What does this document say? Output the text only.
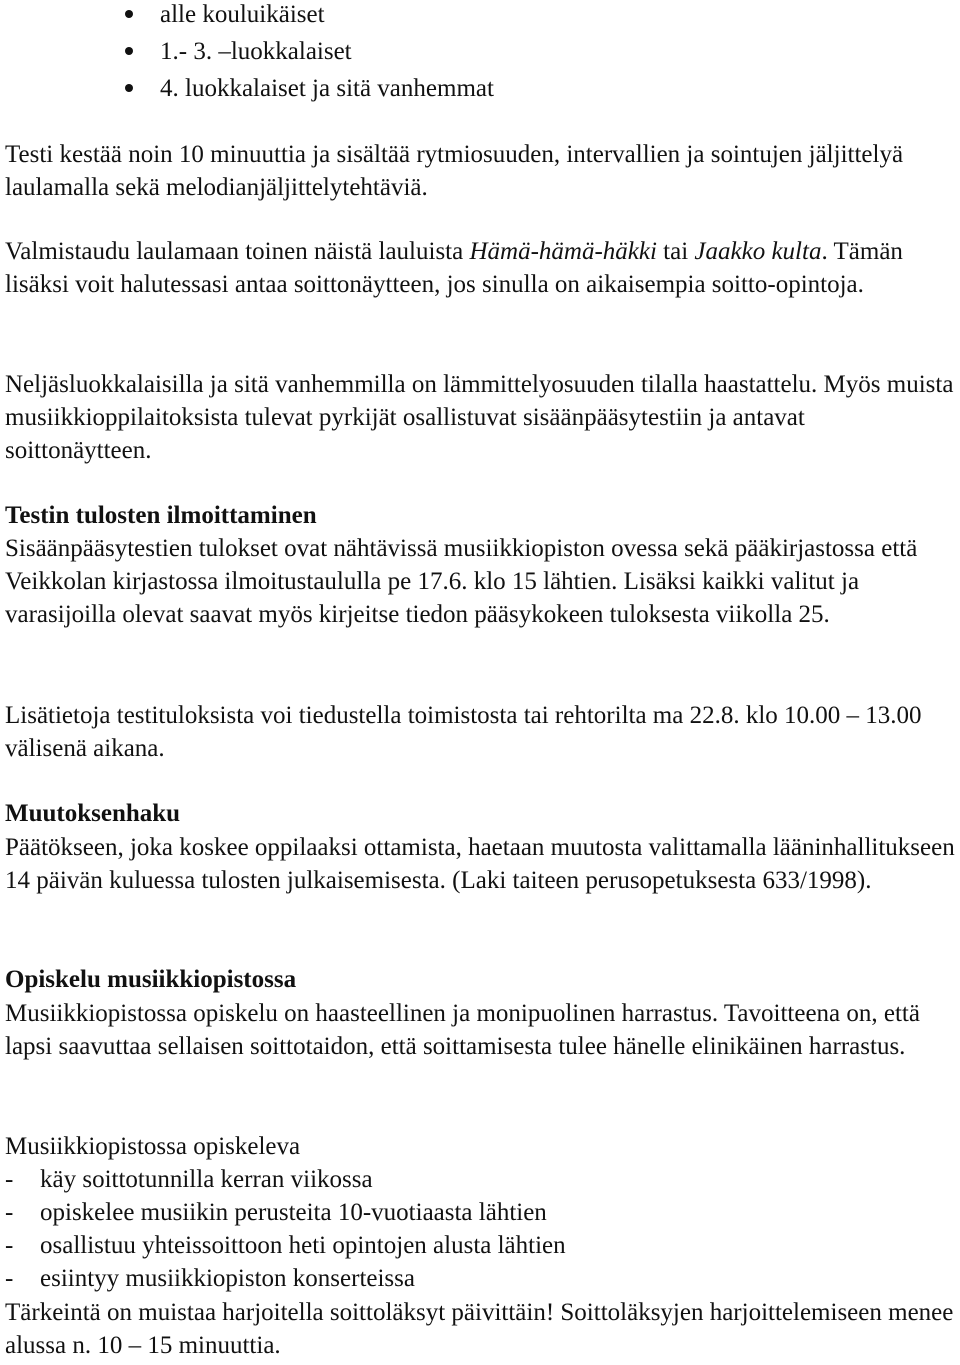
alle kouluikäiset
1.- 3. –luokkalaiset
4. luokkalaiset ja sitä vanhemmat

Testi kestää noin 10 minuuttia ja sisältää rytmiosuuden, intervallien ja sointujen jäljittelyä laulamalla sekä melodianjäljittelytehtäviä.

Valmistaudu laulamaan toinen näistä lauluista Hämä-hämä-häkki tai Jaakko kulta. Tämän lisäksi voit halutessasi antaa soittonäytteen, jos sinulla on aikaisempia soitto-opintoja.

Neljäsluokkalaisilla ja sitä vanhemmilla on lämmittelyosuuden tilalla haastattelu. Myös muista musiikkioppilaitoksista tulevat pyrkijät osallistuvat sisäänpääsytestiin ja antavat soittonäytteen.

Testin tulosten ilmoittaminen

Sisäänpääsytestien tulokset ovat nähtävissä musiikkiopiston ovessa sekä pääkirjastossa että Veikkolan kirjastossa ilmoitustaululla pe 17.6. klo 15 lähtien. Lisäksi kaikki valitut ja varasijoilla olevat saavat myös kirjeitse tiedon pääsykokeen tuloksesta viikolla 25.

Lisätietoja testituloksista voi tiedustella toimistosta tai rehtorilta ma 22.8. klo 10.00 – 13.00 välisenä aikana.

Muutoksenhaku

Päätökseen, joka koskee oppilaaksi ottamista, haetaan muutosta valittamalla lääninhallitukseen 14 päivän kuluessa tulosten julkaisemisesta. (Laki taiteen perusopetuksesta 633/1998).

Opiskelu musiikkiopistossa

Musiikkiopistossa opiskelu on haasteellinen ja monipuolinen harrastus. Tavoitteena on, että lapsi saavuttaa sellaisen soittotaidon, että soittamisesta tulee hänelle elinikäinen harrastus.

Musiikkiopistossa opiskeleva
- käy soittotunnilla kerran viikossa
- opiskelee musiikin perusteita 10-vuotiaasta lähtien
- osallistuu yhteissoittoon heti opintojen alusta lähtien
- esiintyy musiikkiopiston konserteissa

Tärkeintä on muistaa harjoitella soittoläksyt päivittäin! Soittoläksyjen harjoittelemiseen menee alussa n. 10 – 15 minuuttia.
